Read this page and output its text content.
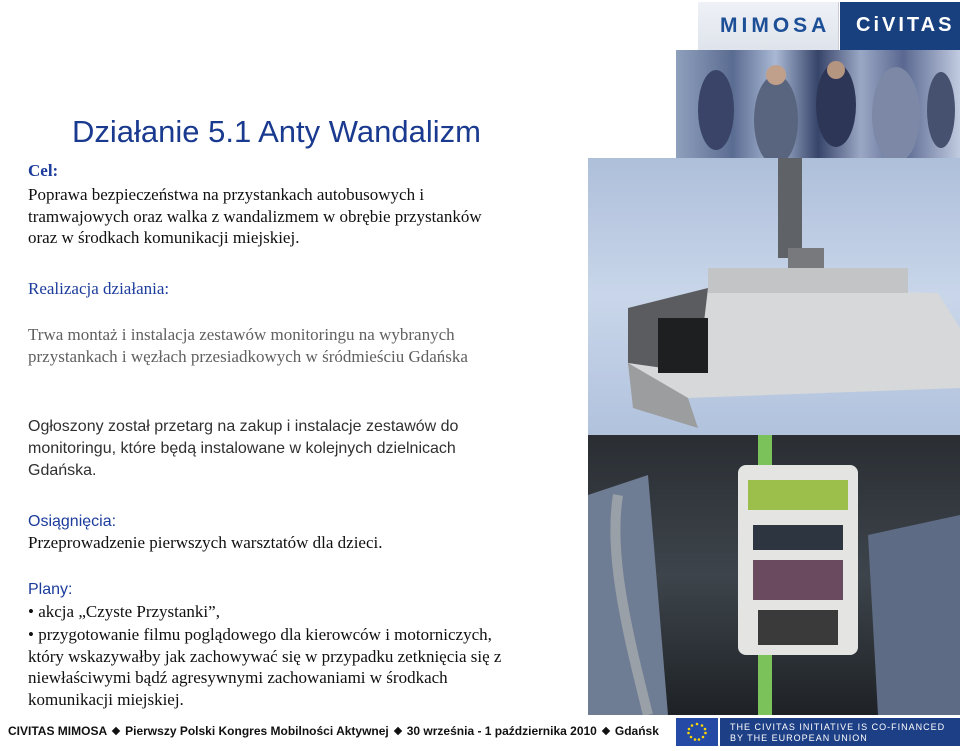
MIMOSA CiVITAS
Działanie 5.1 Anty Wandalizm
Cel:
Poprawa bezpieczeństwa na przystankach autobusowych i tramwajowych oraz walka z wandalizmem w obrębie przystanków oraz w środkach komunikacji miejskiej.
Realizacja działania:
Trwa montaż i instalacja zestawów monitoringu na wybranych przystankach i węzłach przesiadkowych w śródmieściu Gdańska
Ogłoszony został przetarg na zakup i instalacje zestawów do monitoringu, które będą instalowane w kolejnych dzielnicach Gdańska.
Osiągnięcia:
Przeprowadzenie pierwszych warsztatów dla dzieci.
Plany:
• akcja „Czyste Przystanki”,
• przygotowanie filmu poglądowego dla kierowców i motorniczych, który wskazywałby jak zachowywać się w przypadku zetknięcia się z niewłaściwymi bądź agresywnymi zachowaniami w środkach komunikacji miejskiej.
CIVITAS MIMOSA Pierwszy Polski Kongres Mobilności Aktywnej 30 września - 1 października 2010 Gdańsk	THE CIVITAS INITIATIVE IS CO-FINANCED
BY THE EUROPEAN UNION
